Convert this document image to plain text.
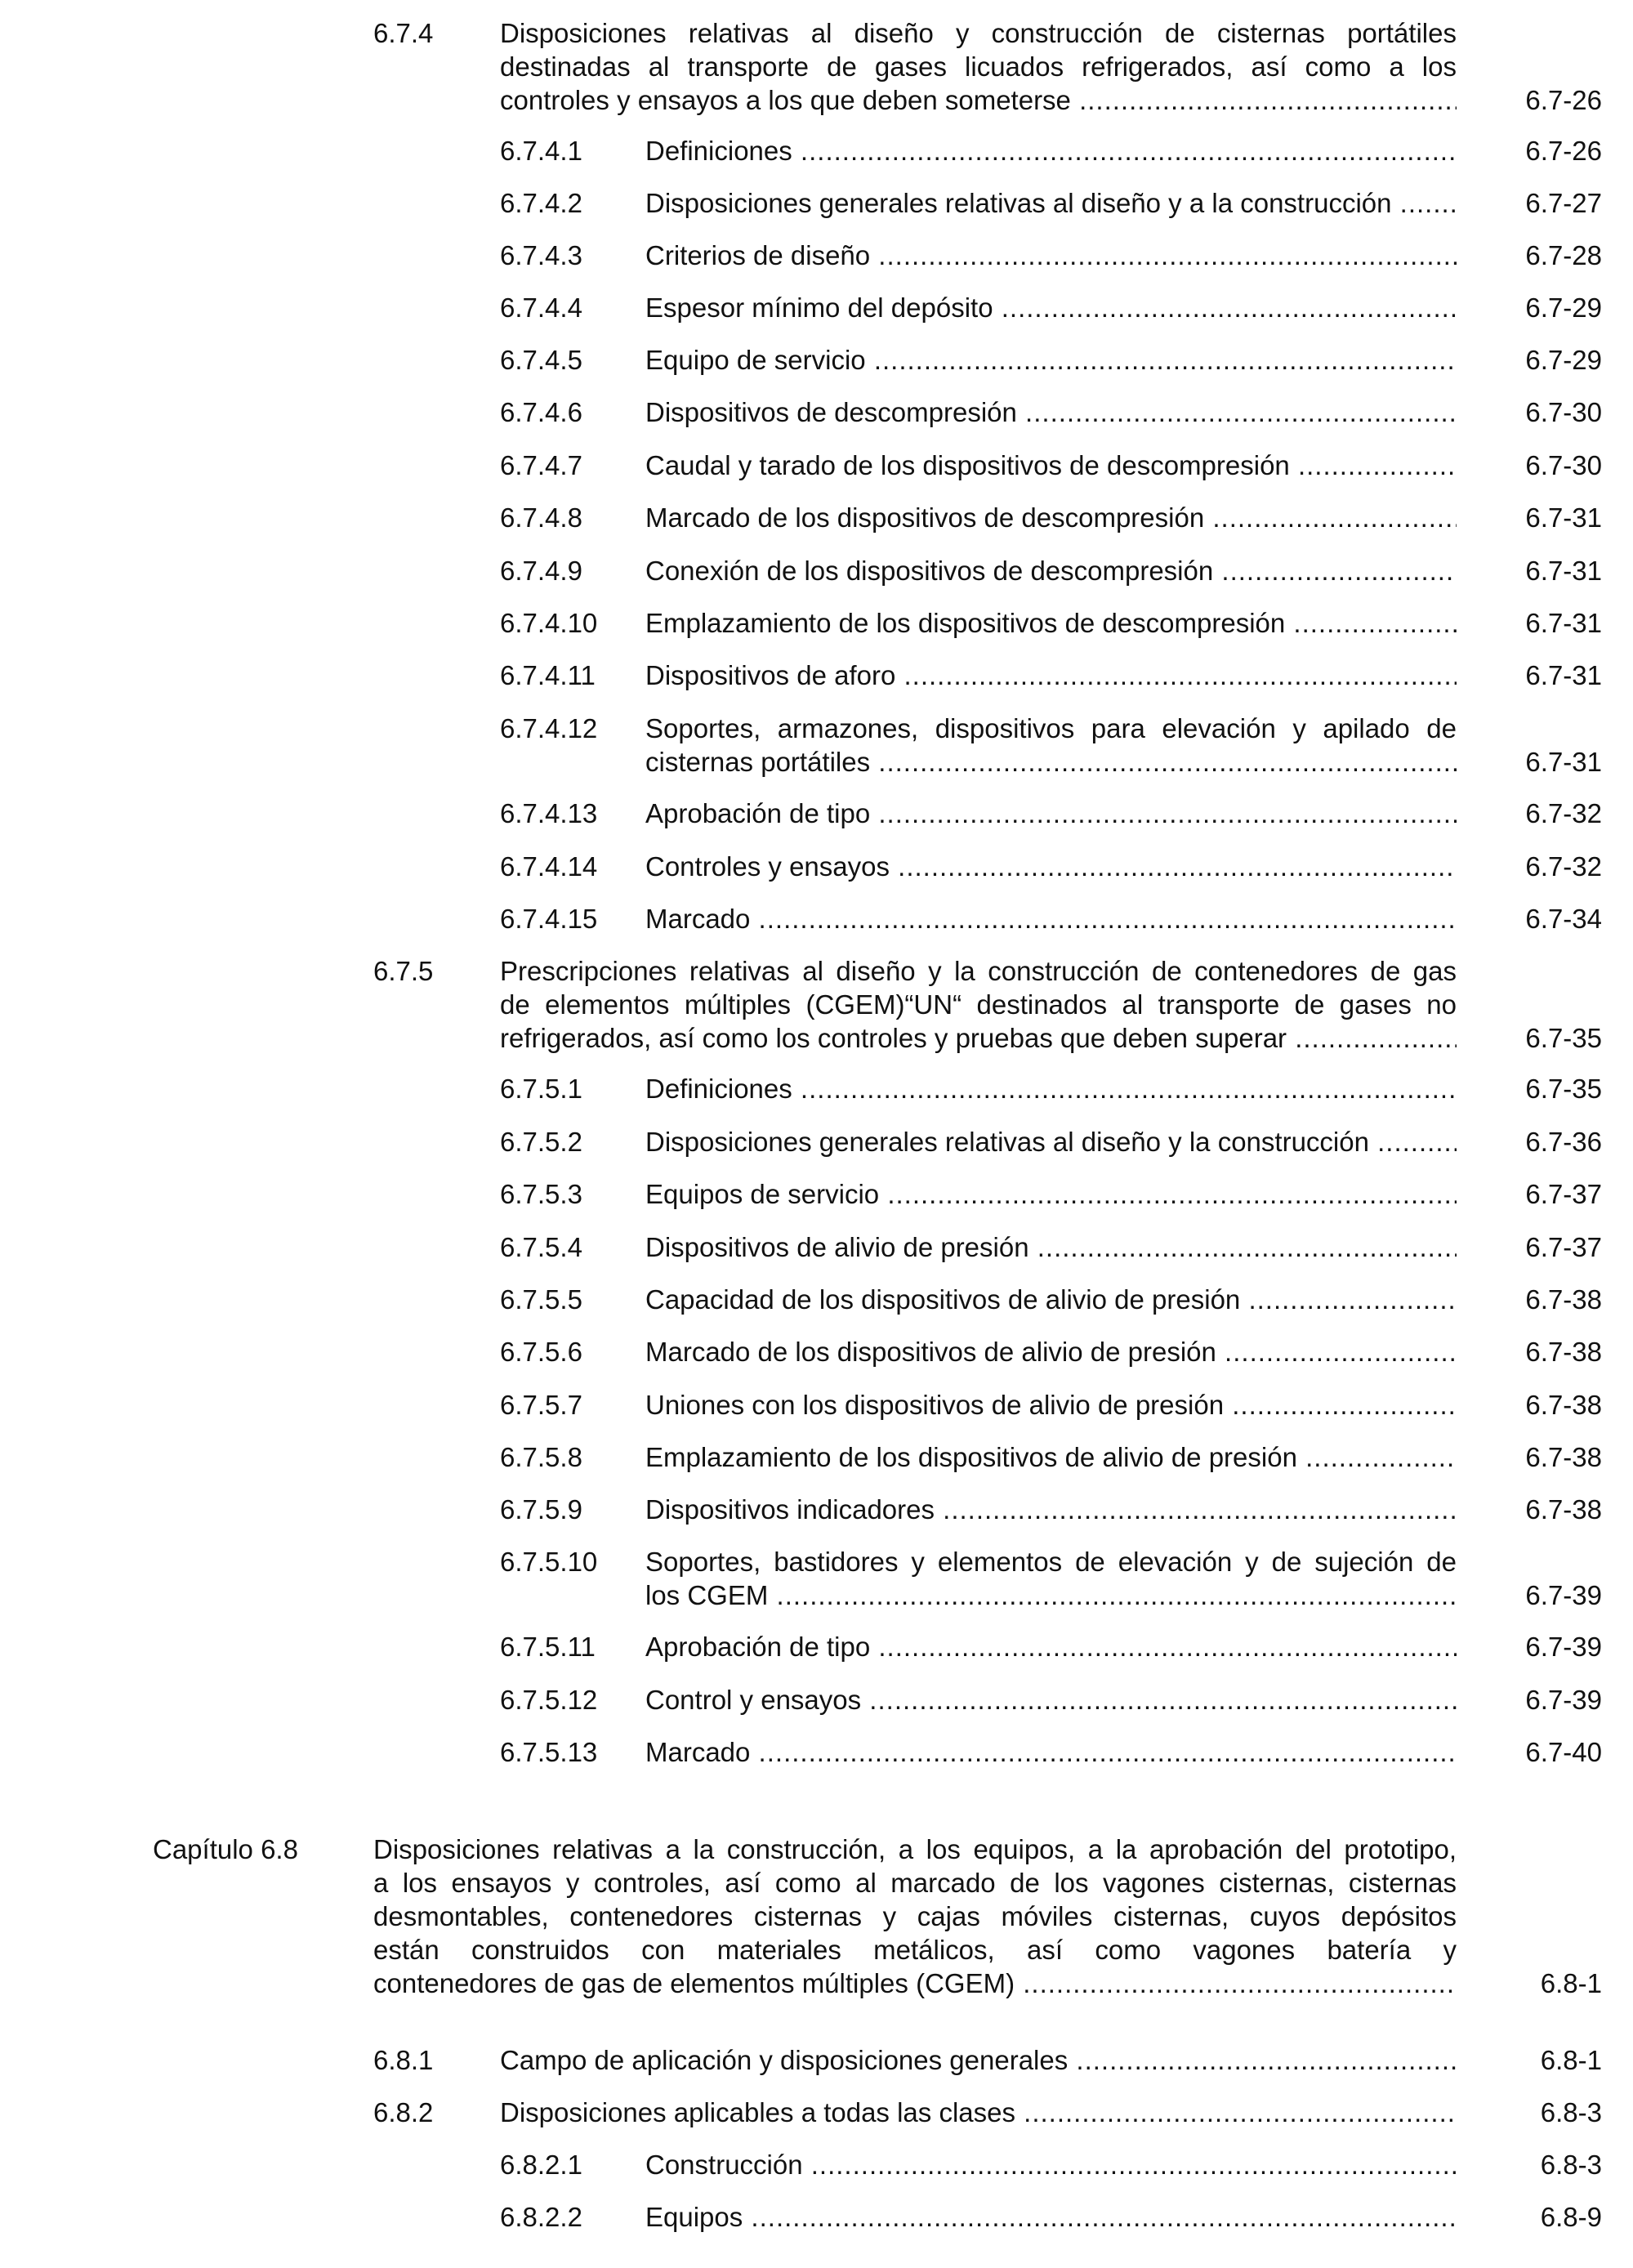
6.7.4 Disposiciones relativas al diseño y construcción de cisternas portátiles
destinadas al transporte de gases licuados refrigerados, así como a los
controles y ensayos a los que deben someterse .....	6.7-26
6.7.4.1 Definiciones .....	6.7-26
6.7.4.2 Disposiciones generales relativas al diseño y a la construcción .....	6.7-27
6.7.4.3 Criterios de diseño .....	6.7-28
6.7.4.4 Espesor mínimo del depósito .....	6.7-29
6.7.4.5 Equipo de servicio .....	6.7-29
6.7.4.6 Dispositivos de descompresión .....	6.7-30
6.7.4.7 Caudal y tarado de los dispositivos de descompresión .....	6.7-30
6.7.4.8 Marcado de los dispositivos de descompresión .....	6.7-31
6.7.4.9 Conexión de los dispositivos de descompresión .....	6.7-31
6.7.4.10 Emplazamiento de los dispositivos de descompresión .....	6.7-31
6.7.4.11 Dispositivos de aforo .....	6.7-31
6.7.4.12 Soportes, armazones, dispositivos para elevación y apilado de
cisternas portátiles .....	6.7-31
6.7.4.13 Aprobación de tipo .....	6.7-32
6.7.4.14 Controles y ensayos .....	6.7-32
6.7.4.15 Marcado .....	6.7-34
6.7.5 Prescripciones relativas al diseño y la construcción de contenedores de gas
de elementos múltiples (CGEM)“UN“ destinados al transporte de gases no
refrigerados, así como los controles y pruebas que deben superar .....	6.7-35
6.7.5.1 Definiciones .....	6.7-35
6.7.5.2 Disposiciones generales relativas al diseño y la construcción .....	6.7-36
6.7.5.3 Equipos de servicio .....	6.7-37
6.7.5.4 Dispositivos de alivio de presión .....	6.7-37
6.7.5.5 Capacidad de los dispositivos de alivio de presión .....	6.7-38
6.7.5.6 Marcado de los dispositivos de alivio de presión .....	6.7-38
6.7.5.7 Uniones con los dispositivos de alivio de presión .....	6.7-38
6.7.5.8 Emplazamiento de los dispositivos de alivio de presión .....	6.7-38
6.7.5.9 Dispositivos indicadores .....	6.7-38
6.7.5.10 Soportes, bastidores y elementos de elevación y de sujeción de
los CGEM .....	6.7-39
6.7.5.11 Aprobación de tipo .....	6.7-39
6.7.5.12 Control y ensayos .....	6.7-39
6.7.5.13 Marcado .....	6.7-40
Capítulo 6.8	Disposiciones relativas a la construcción, a los equipos, a la aprobación del prototipo,
a los ensayos y controles, así como al marcado de los vagones cisternas, cisternas
desmontables, contenedores cisternas y cajas móviles cisternas, cuyos depósitos
están construidos con materiales metálicos, así como vagones batería y
contenedores de gas de elementos múltiples (CGEM) .....	6.8-1
6.8.1 Campo de aplicación y disposiciones generales .....	6.8-1
6.8.2 Disposiciones aplicables a todas las clases .....	6.8-3
6.8.2.1 Construcción .....	6.8-3
6.8.2.2 Equipos .....	6.8-9
